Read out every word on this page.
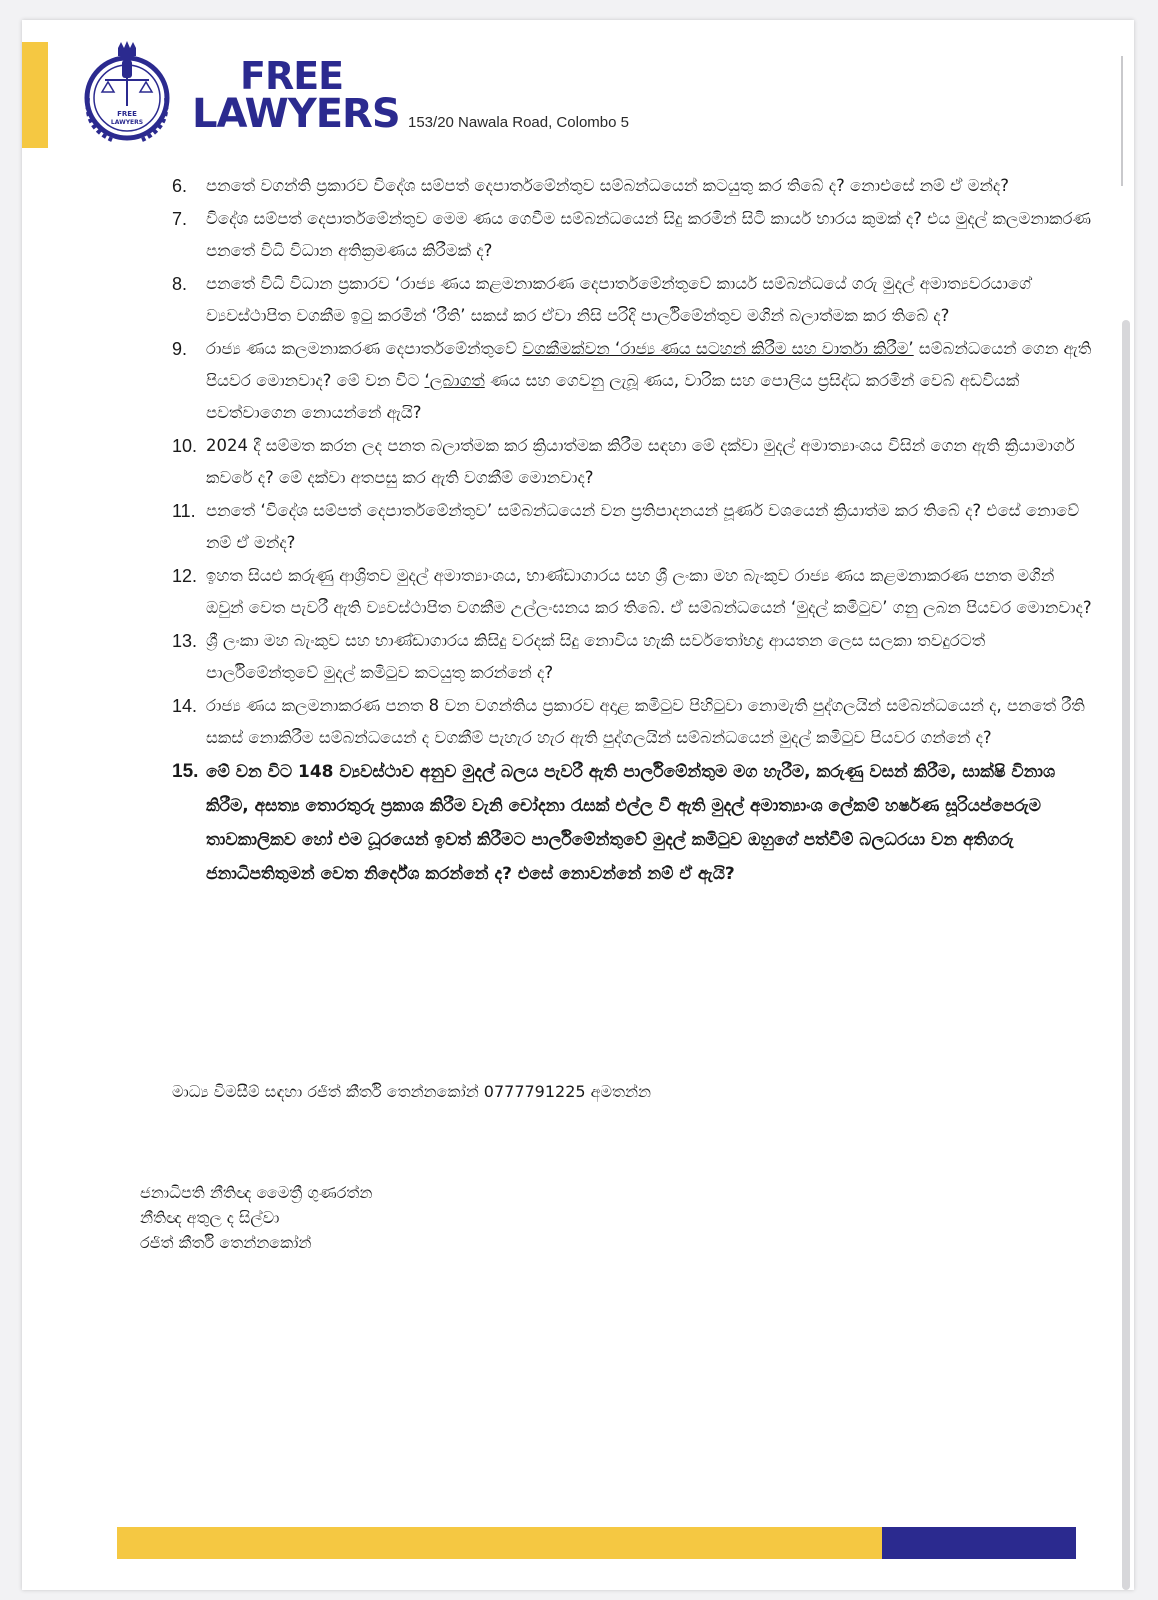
FREE
LAWYERS
FREE
LAWYERS 153/20 Nawala Road, Colombo 5
6.	පනතේ වගන්ති ප්‍රකාරව විදේශ සම්පත් දෙපාර්තමේන්තුව සම්බන්ධයෙන් කටයුතු කර තිබේ ද? නොඑසේ නම් ඒ මන්ද?
7.	විදේශ සම්පත් දෙපාර්තමේන්තුව මෙම ණය ගෙවීම සම්බන්ධයෙන් සිදු කරමින් සිටි කාර්ය භාරය කුමක් ද? එය මුදල් කලමනාකරණ පනතේ විධි විධාන අතික්‍රමණය කිරීමක් ද?
8.	පනතේ විධි විධාන ප්‍රකාරව ‘රාජ්‍ය ණය කළමනාකරණ දෙපාර්තමේන්තුවේ කාර්ය සම්බන්ධයේ ගරු මුදල් අමාත්‍යවරයාගේ ව්‍යවස්ථාපිත වගකීම ඉටු කරමින් ‘රීති’ සකස් කර ඒවා නිසි පරිදි පාර්ලිමේන්තුව මගින් බලාත්මක කර තිබේ ද?
9.	රාජ්‍ය ණය කලමනාකරණ දෙපාර්තමේන්තුවේ වගකීමක්වන ‘රාජ්‍ය ණය සටහන් කිරීම සහ වාර්තා කිරීම’ සම්බන්ධයෙන් ගෙන ඇති පියවර මොනවාද? මේ වන විට ‘ලබාගත් ණය සහ ගෙවනු ලැබූ ණය, වාරික සහ පොලිය ප්‍රසිද්ධ කරමින් වෙබ් අඩවියක් පවත්වාගෙන නොයන්නේ ඇයි?
10. 2024 දී සම්මත කරන ලද පනත බලාත්මක කර ක්‍රියාත්මක කිරීම සඳහා මේ දක්වා මුදල් අමාත්‍යාංශය විසින් ගෙන ඇති ක්‍රියාමාර්ග කවරේ ද? මේ දක්වා අතපසු කර ඇති වගකීම් මොනවාද?
11. පනතේ ‘විදේශ සම්පත් දෙපාර්තමේන්තුව’ සම්බන්ධයෙන් වන ප්‍රතිපාදනයන් පූර්ණ වශයෙන් ක්‍රියාත්ම කර තිබේ ද? එසේ නොවේ නම් ඒ මන්ද?
12. ඉහත සියළු කරුණු ආශ්‍රිතව මුදල් අමාත්‍යාංශය, භාණ්ඩාගාරය සහ ශ්‍රී ලංකා මහ බැංකුව රාජ්‍ය ණය කළමනාකරණ පනත මගින් ඔවුන් වෙත පැවරී ඇති ව්‍යවස්ථාපිත වගකීම උල්ලංඝනය කර තිබේ. ඒ සම්බන්ධයෙන් ‘මුදල් කමිටුව’ ගනු ලබන පියවර මොනවාද?
13. ශ්‍රී ලංකා මහ බැංකුව සහ භාණ්ඩාගාරය කිසිදු වරදක් සිදු නොවිය හැකි සර්වතෝභද්‍ර ආයතන ලෙස සලකා තවදුරටත් පාර්ලිමේන්තුවේ මුදල් කමිටුව කටයුතු කරන්නේ ද?
14. රාජ්‍ය ණය කලමනාකරණ පනත 8 වන වගන්තිය ප්‍රකාරව අදාළ කමිටුව පිහිටුවා නොමැති පුද්ගලයින් සම්බන්ධයෙන් ද, පනතේ රීති සකස් නොකිරීම සම්බන්ධයෙන් ද වගකීම් පැහැර හැර ඇති පුද්ගලයින් සම්බන්ධයෙන් මුදල් කමිටුව පියවර ගන්නේ ද?
15. මේ වන විට 148 ව්‍යවස්ථාව අනුව මුදල් බලය පැවරී ඇති පාර්ලිමේන්තුම මග හැරීම, කරුණු වසන් කිරීම, සාක්ෂි විනාශ කිරීම, අසත්‍ය තොරතුරු ප්‍රකාශ කිරීම වැනි චෝදනා රැසක් එල්ල වී ඇති මුදල් අමාත්‍යාංශ ලේකම් හර්ෂණ සූරියප්පෙරුම තාවකාලිකව හෝ එම ධූරයෙන් ඉවත් කිරීමට පාර්ලිමේන්තුවේ මුදල් කමිටුව ඔහුගේ පත්වීම් බලධරයා වන අතිගරු ජනාධිපතිතුමන් වෙත නිර්දේශ කරන්නේ ද? එසේ නොවන්නේ නම් ඒ ඇයි?
මාධ්‍ය විමසීම් සඳහා රජිත් කීර්ති තෙන්නකෝන් 0777791225 අමතන්න
ජනාධිපති නීතිඥ මෛත්‍රී ගුණරත්න
නීතිඥ අතුල ද සිල්වා
රජිත් කීර්ති තෙන්නකෝන්
